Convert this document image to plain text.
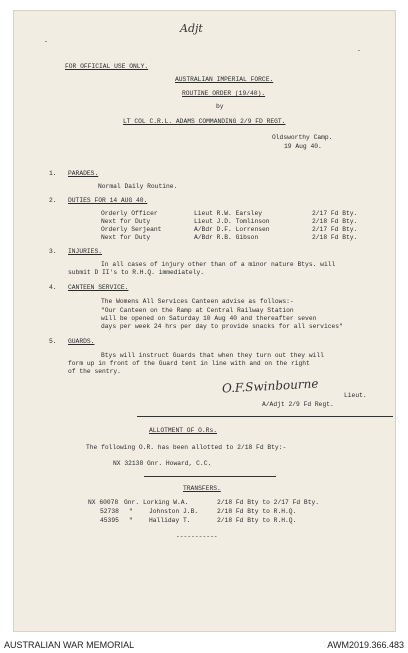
Adjt
-
-
FOR OFFICIAL USE ONLY.
AUSTRALIAN IMPERIAL FORCE.
ROUTINE ORDER (19/40).
by
LT COL C.R.L. ADAMS COMMANDING 2/9 FD REGT.
Oldsworthy Camp.
19 Aug 40.
1. PARADES.
Normal Daily Routine.
2. DUTIES FOR 14 AUG 40.
Orderly Officer	Lieut R.W. Earsley	2/17 Fd Bty.
Next for Duty	Lieut J.D. Tomlinson	2/18 Fd Bty.
Orderly Serjeant	A/Bdr D.F. Lorrensen	2/17 Fd Bty.
Next for Duty	A/Bdr R.B. Gibson	2/18 Fd Bty.
3. INJURIES.
In all cases of injury other than of a minor nature Btys. will
submit D II's to R.H.Q. immediately.
4. CANTEEN SERVICE.
The Womens All Services Canteen advise as follows:-
"Our Canteen on the Ramp at Central Railway Station
will be opened on Saturday 10 Aug 40 and thereafter seven
days per week 24 hrs per day to provide snacks for all services"
5. GUARDS.
Btys will instruct Guards that when they turn out they will
form up in front of the Guard tent in line with and on the right
of the sentry.
O.F.Swinbourne	Lieut.
A/Adjt 2/9 Fd Regt.
ALLOTMENT OF O.Rs.
The following O.R. has been allotted to 2/18 Fd Bty:-
NX 32138 Gnr. Howard, C.C.
TRANSFERS.
NX 60078 Gnr. Lorking W.A.	2/18 Fd Bty to 2/17 Fd Bty.
52738 "	Johnston J.B.	2/18 Fd Bty to R.H.Q.
45395 "	Halliday T.	2/18 Fd Bty to R.H.Q.
-----------
AUSTRALIAN WAR MEMORIAL	AWM2019.366.483
